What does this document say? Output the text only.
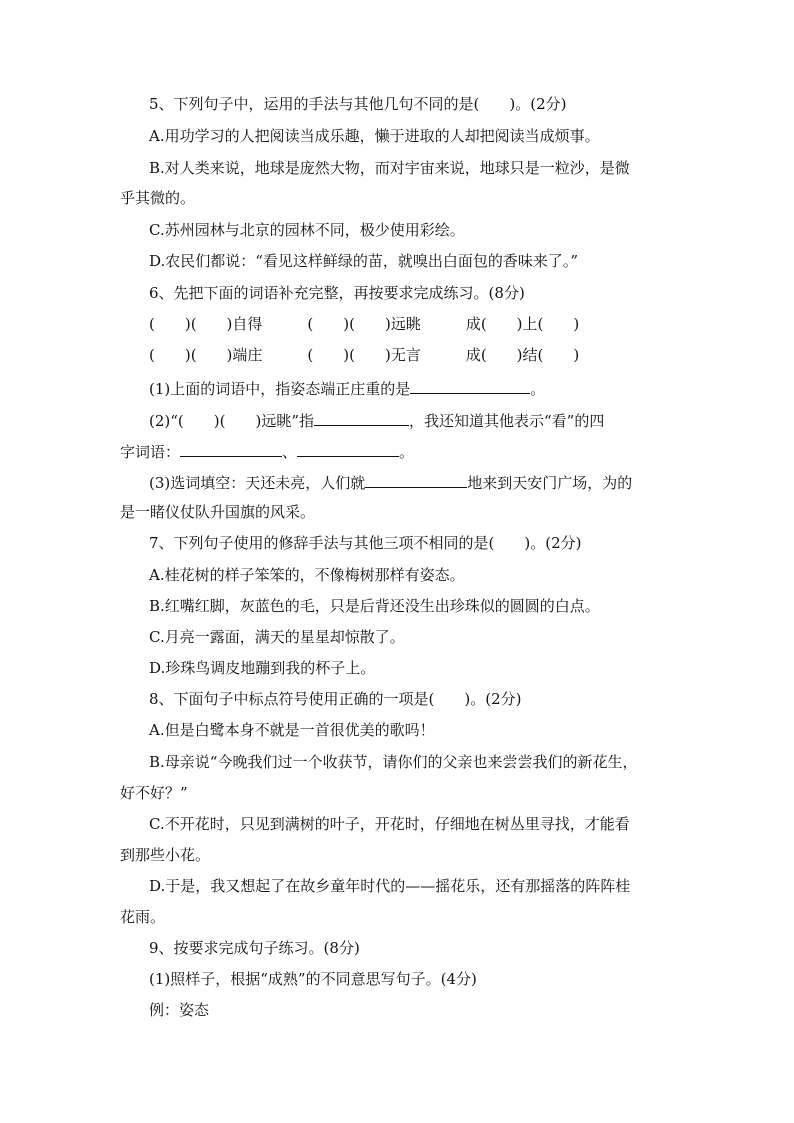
5、下列句子中，运用的手法与其他几句不同的是(　　)。(2分)
A.用功学习的人把阅读当成乐趣，懒于进取的人却把阅读当成烦事。
B.对人类来说，地球是庞然大物，而对宇宙来说，地球只是一粒沙，是微
乎其微的。
C.苏州园林与北京的园林不同，极少使用彩绘。
D.农民们都说：“看见这样鲜绿的苗，就嗅出白面包的香味来了。”
6、先把下面的词语补充完整，再按要求完成练习。(8分)
(　　)(　　)自得　　　(　　)(　　)远眺　　　成(　　)上(　　)
(　　)(　　)端庄　　　(　　)(　　)无言　　　成(　　)结(　　)
(1)上面的词语中，指姿态端正庄重的是	。
(2)“(　　)(　　)远眺”指	，我还知道其他表示“看”的四
字词语：	、	。
(3)选词填空：天还未亮，人们就	地来到天安门广场，为的
是一睹仪仗队升国旗的风采。
7、下列句子使用的修辞手法与其他三项不相同的是(　　)。(2分)
A.桂花树的样子笨笨的，不像梅树那样有姿态。
B.红嘴红脚，灰蓝色的毛，只是后背还没生出珍珠似的圆圆的白点。
C.月亮一露面，满天的星星却惊散了。
D.珍珠鸟调皮地蹦到我的杯子上。
8、下面句子中标点符号使用正确的一项是(　　)。(2分)
A.但是白鹭本身不就是一首很优美的歌吗！
B.母亲说“今晚我们过一个收获节，请你们的父亲也来尝尝我们的新花生，
好不好？”
C.不开花时，只见到满树的叶子，开花时，仔细地在树丛里寻找，才能看
到那些小花。
D.于是，我又想起了在故乡童年时代的——摇花乐，还有那摇落的阵阵桂
花雨。
9、按要求完成句子练习。(8分)
(1)照样子，根据“成熟”的不同意思写句子。(4分)
例：姿态
